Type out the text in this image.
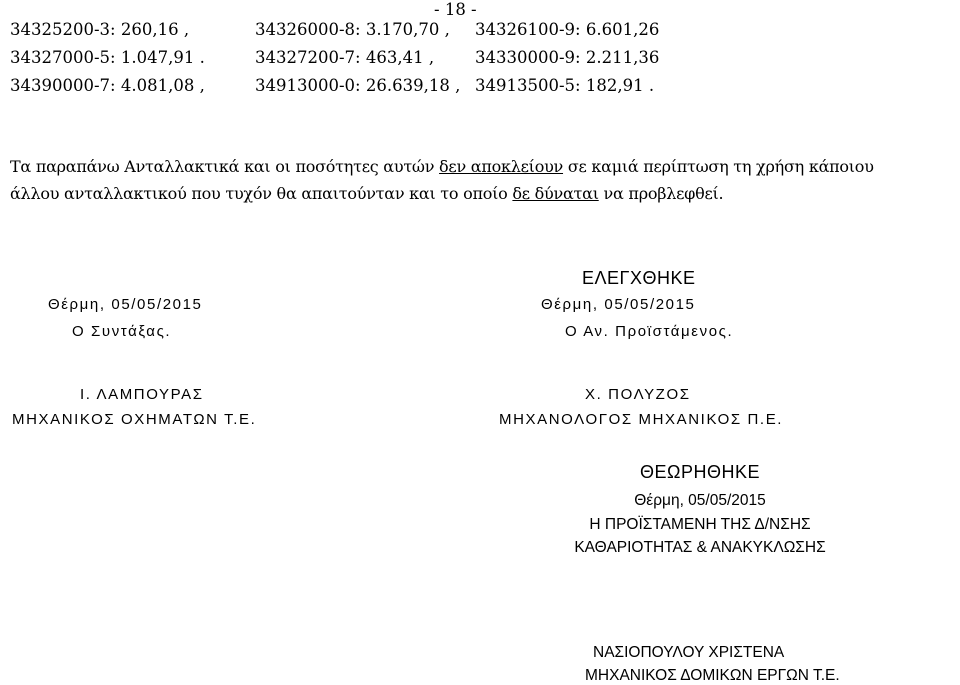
- 18 -
34325200-3: 260,16 ,	34326000-8: 3.170,70 , 34326100-9: 6.601,26
34327000-5: 1.047,91 .	34327200-7: 463,41 , 34330000-9: 2.211,36
34390000-7: 4.081,08 ,	34913000-0: 26.639,18 , 34913500-5: 182,91 .
Τα παραπάνω Ανταλλακτικά και οι ποσότητες αυτών δεν αποκλείουν σε καμιά περίπτωση τη χρήση κάποιου
άλλου ανταλλακτικού που τυχόν θα απαιτούνταν και το οποίο δε δύναται να προβλεφθεί.
Θέρμη, 05/05/2015
Ο Συντάξας.
Ι. ΛΑΜΠΟΥΡΑΣ
ΜΗΧΑΝΙΚΟΣ ΟΧΗΜΑΤΩΝ Τ.Ε.
ΕΛΕΓΧΘΗΚΕ
Θέρμη, 05/05/2015
Ο Αν. Προϊστάμενος.
Χ. ΠΟΛΥΖΟΣ
ΜΗΧΑΝΟΛΟΓΟΣ ΜΗΧΑΝΙΚΟΣ Π.Ε.
ΘΕΩΡΗΘΗΚΕ
Θέρμη, 05/05/2015
Η ΠΡΟΪΣΤΑΜΕΝΗ ΤΗΣ Δ/ΝΣΗΣ
ΚΑΘΑΡΙΟΤΗΤΑΣ & ΑΝΑΚΥΚΛΩΣΗΣ
ΝΑΣΙΟΠΟΥΛΟΥ ΧΡΙΣΤΕΝΑ
ΜΗΧΑΝΙΚΟΣ ΔΟΜΙΚΩΝ ΕΡΓΩΝ Τ.Ε.
